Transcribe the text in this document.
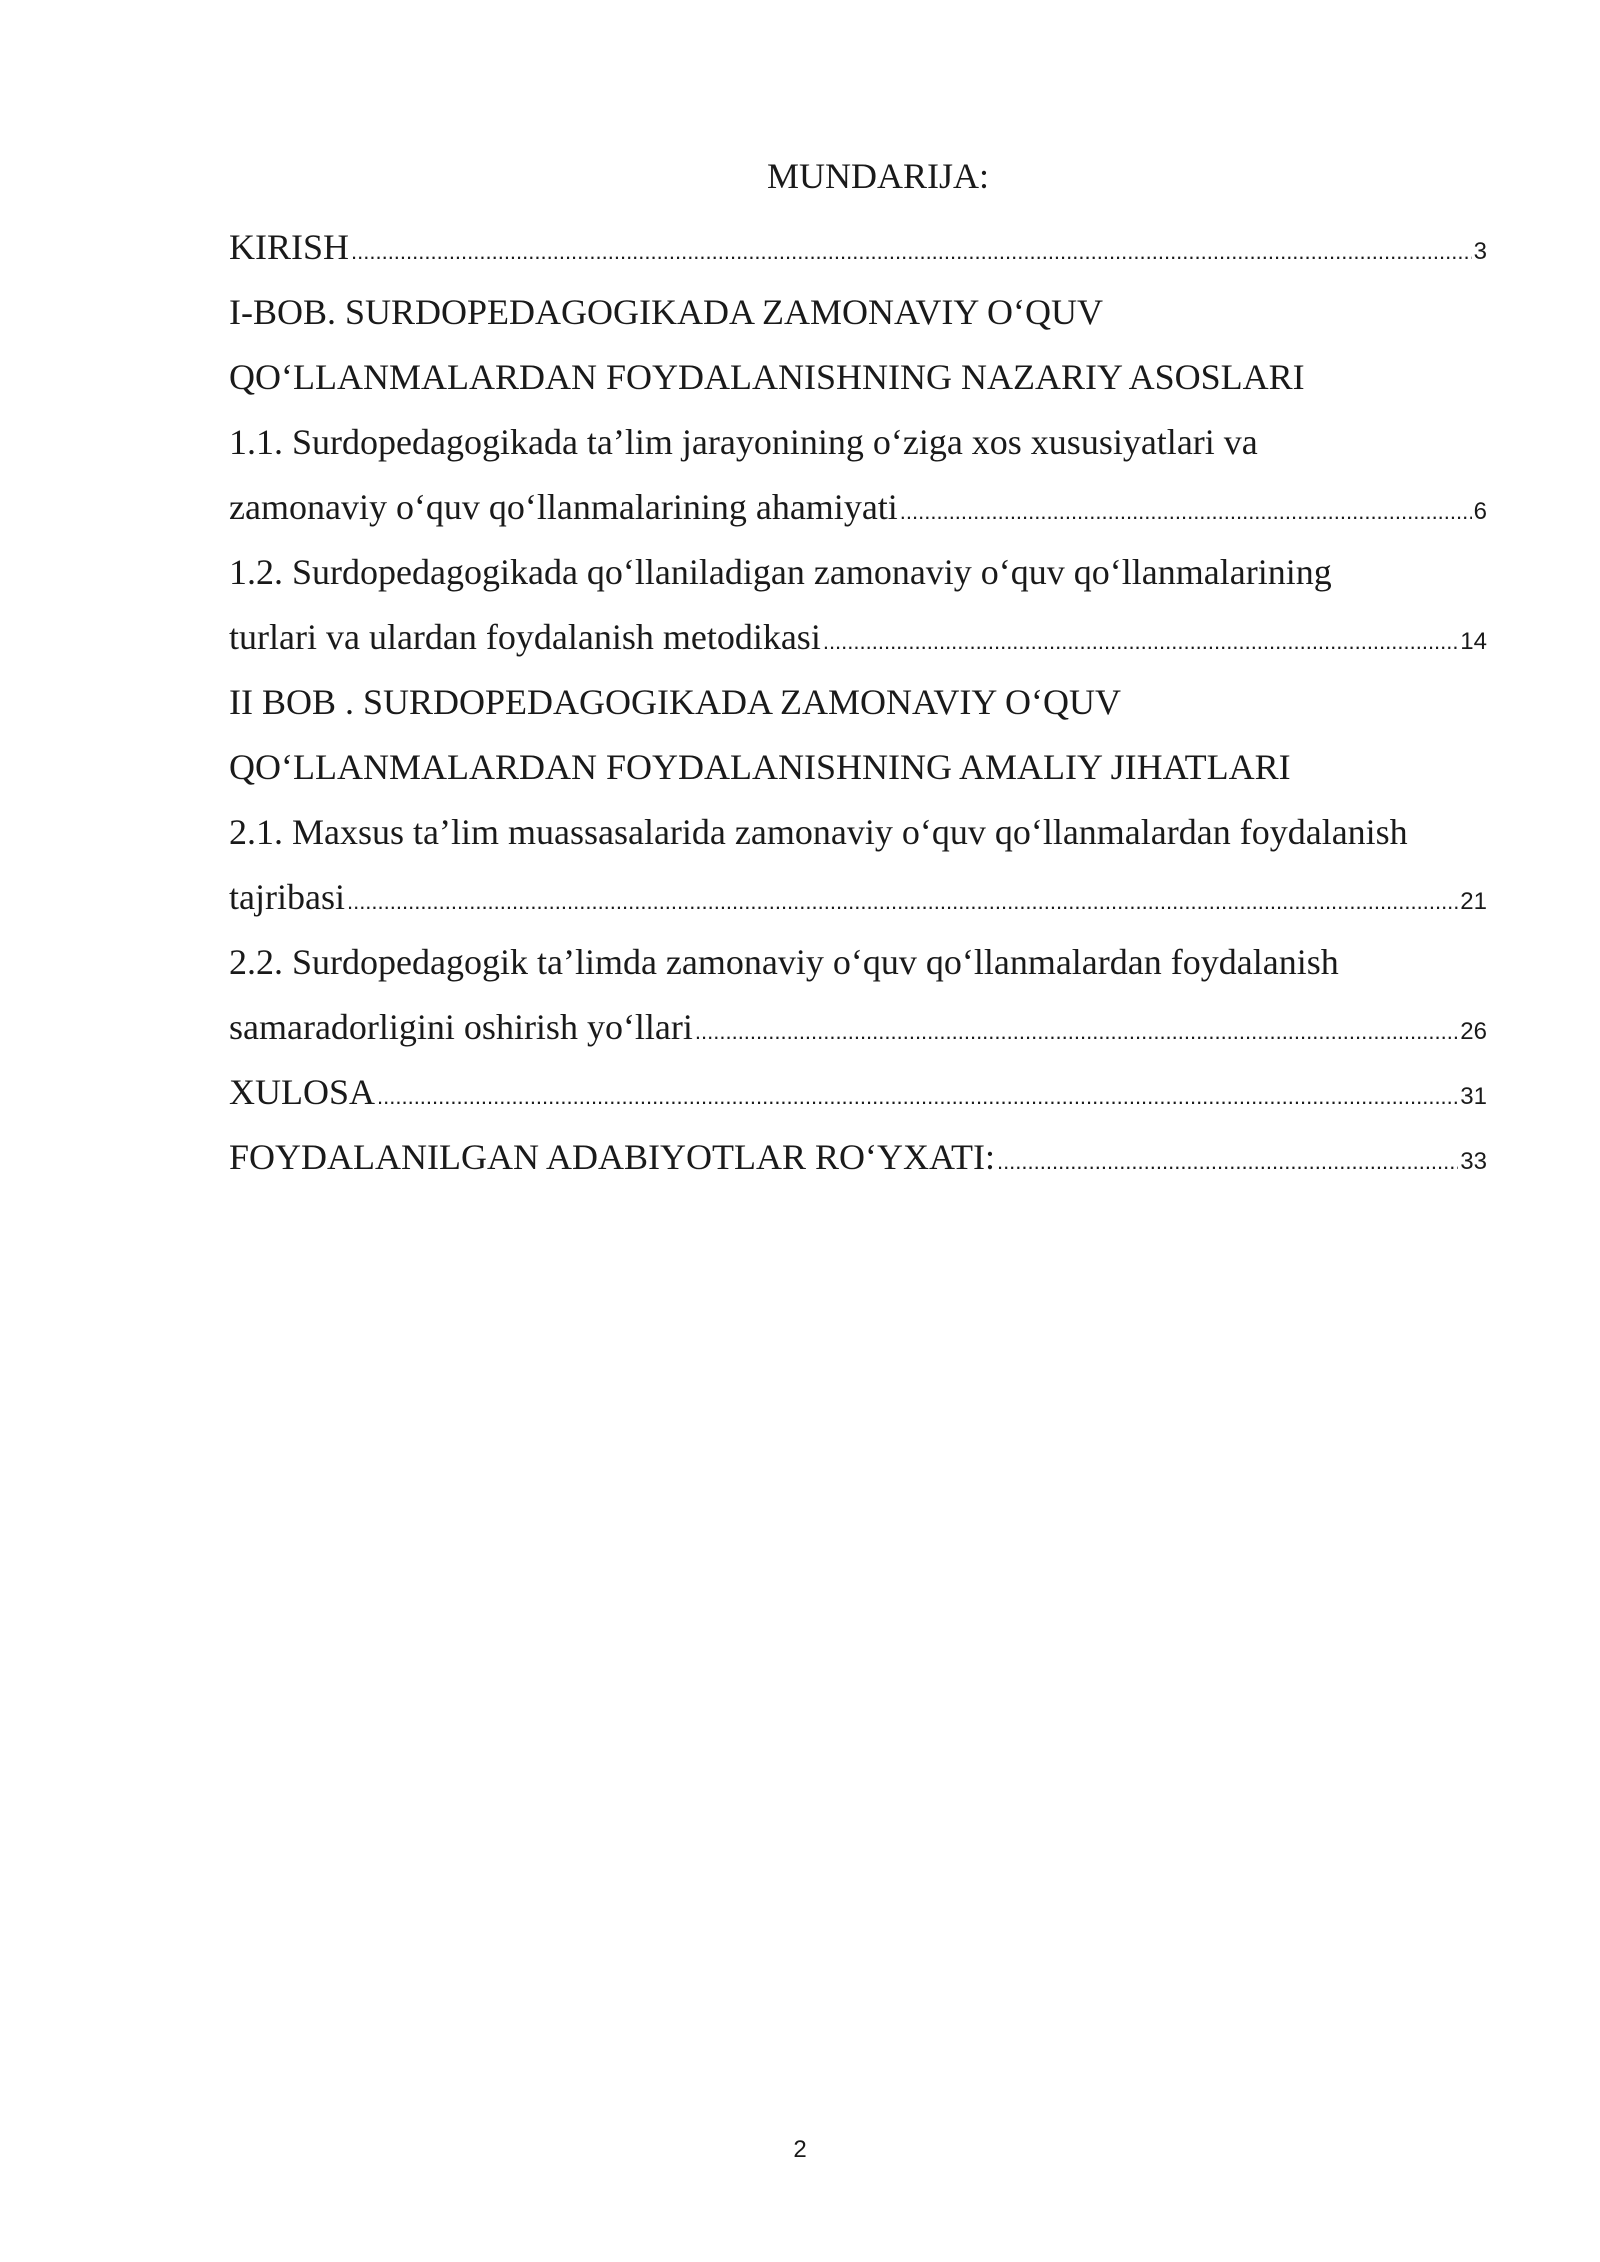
MUNDARIJA:
KIRISH .....	3
I-BOB. SURDOPEDAGOGIKADA ZAMONAVIY O‘QUV
QO‘LLANMALARDAN FOYDALANISHNING NAZARIY ASOSLARI
1.1. Surdopedagogikada ta’lim jarayonining o‘ziga xos xususiyatlari va
zamonaviy o‘quv qo‘llanmalarining ahamiyati .....	6
1.2. Surdopedagogikada qo‘llaniladigan zamonaviy o‘quv qo‘llanmalarining
turlari va ulardan foydalanish metodikasi .....	14
II BOB . SURDOPEDAGOGIKADA ZAMONAVIY O‘QUV
QO‘LLANMALARDAN FOYDALANISHNING AMALIY JIHATLARI
2.1. Maxsus ta’lim muassasalarida zamonaviy o‘quv qo‘llanmalardan foydalanish
tajribasi .....	21
2.2. Surdopedagogik ta’limda zamonaviy o‘quv qo‘llanmalardan foydalanish
samaradorligini oshirish yo‘llari .....	26
XULOSA .....	31
FOYDALANILGAN ADABIYOTLAR RO‘YXATI: .....	33
2
